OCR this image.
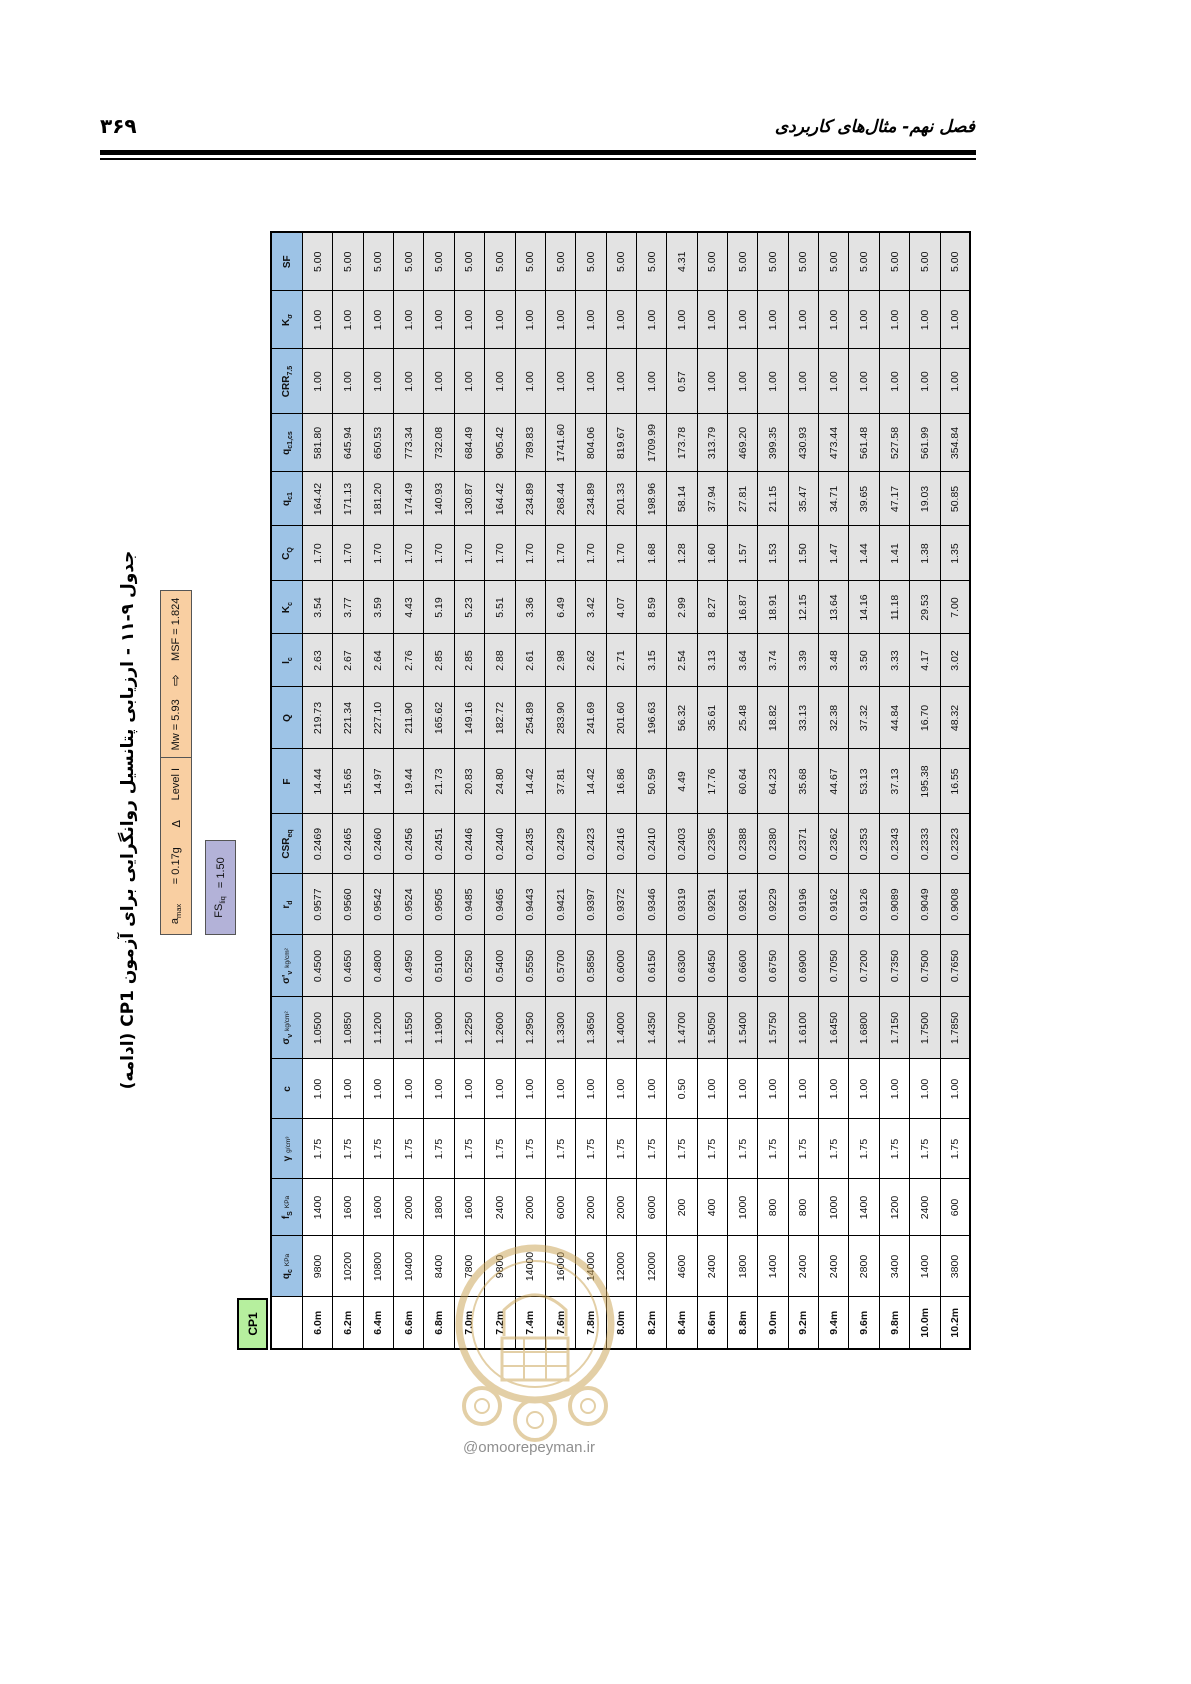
فصل نهم- مثال‌های کاربردی
۳۶۹
جدول ۹-۱۱ - ارزیابی پتانسیل روانگرایی برای آزمون CP1 (ادامه)
$a_{max}$
= 0.17g
Δ
Level I
Mw = 5.93
⇨
MSF = 1.824
$FS_{liq}$
= 1.50
CP1
	$q_cKPa$	$f_SKPa$	γg/cm³	c	$\sigma_vkg$/cm²	$\sigma'_vkg$/cm²	$r_d$	$CSR_{eq}$	F	Q	$I_c$	$K_c$	$C_Q$	$q_{c1}$	$q_{c1,cs}$	$CRR_{7.5}$	$K_\sigma$	SF
6.0m	9800	1400	1.75	1.00	1.0500	0.4500	0.9577	0.2469	14.44	219.73	2.63	3.54	1.70	164.42	581.80	1.00	1.00	5.00
6.2m	10200	1600	1.75	1.00	1.0850	0.4650	0.9560	0.2465	15.65	221.34	2.67	3.77	1.70	171.13	645.94	1.00	1.00	5.00
6.4m	10800	1600	1.75	1.00	1.1200	0.4800	0.9542	0.2460	14.97	227.10	2.64	3.59	1.70	181.20	650.53	1.00	1.00	5.00
6.6m	10400	2000	1.75	1.00	1.1550	0.4950	0.9524	0.2456	19.44	211.90	2.76	4.43	1.70	174.49	773.34	1.00	1.00	5.00
6.8m	8400	1800	1.75	1.00	1.1900	0.5100	0.9505	0.2451	21.73	165.62	2.85	5.19	1.70	140.93	732.08	1.00	1.00	5.00
7.0m	7800	1600	1.75	1.00	1.2250	0.5250	0.9485	0.2446	20.83	149.16	2.85	5.23	1.70	130.87	684.49	1.00	1.00	5.00
7.2m	9800	2400	1.75	1.00	1.2600	0.5400	0.9465	0.2440	24.80	182.72	2.88	5.51	1.70	164.42	905.42	1.00	1.00	5.00
7.4m	14000	2000	1.75	1.00	1.2950	0.5550	0.9443	0.2435	14.42	254.89	2.61	3.36	1.70	234.89	789.83	1.00	1.00	5.00
7.6m	16000	6000	1.75	1.00	1.3300	0.5700	0.9421	0.2429	37.81	283.90	2.98	6.49	1.70	268.44	1741.60	1.00	1.00	5.00
7.8m	14000	2000	1.75	1.00	1.3650	0.5850	0.9397	0.2423	14.42	241.69	2.62	3.42	1.70	234.89	804.06	1.00	1.00	5.00
8.0m	12000	2000	1.75	1.00	1.4000	0.6000	0.9372	0.2416	16.86	201.60	2.71	4.07	1.70	201.33	819.67	1.00	1.00	5.00
8.2m	12000	6000	1.75	1.00	1.4350	0.6150	0.9346	0.2410	50.59	196.63	3.15	8.59	1.68	198.96	1709.99	1.00	1.00	5.00
8.4m	4600	200	1.75	0.50	1.4700	0.6300	0.9319	0.2403	4.49	56.32	2.54	2.99	1.28	58.14	173.78	0.57	1.00	4.31
8.6m	2400	400	1.75	1.00	1.5050	0.6450	0.9291	0.2395	17.76	35.61	3.13	8.27	1.60	37.94	313.79	1.00	1.00	5.00
8.8m	1800	1000	1.75	1.00	1.5400	0.6600	0.9261	0.2388	60.64	25.48	3.64	16.87	1.57	27.81	469.20	1.00	1.00	5.00
9.0m	1400	800	1.75	1.00	1.5750	0.6750	0.9229	0.2380	64.23	18.82	3.74	18.91	1.53	21.15	399.35	1.00	1.00	5.00
9.2m	2400	800	1.75	1.00	1.6100	0.6900	0.9196	0.2371	35.68	33.13	3.39	12.15	1.50	35.47	430.93	1.00	1.00	5.00
9.4m	2400	1000	1.75	1.00	1.6450	0.7050	0.9162	0.2362	44.67	32.38	3.48	13.64	1.47	34.71	473.44	1.00	1.00	5.00
9.6m	2800	1400	1.75	1.00	1.6800	0.7200	0.9126	0.2353	53.13	37.32	3.50	14.16	1.44	39.65	561.48	1.00	1.00	5.00
9.8m	3400	1200	1.75	1.00	1.7150	0.7350	0.9089	0.2343	37.13	44.84	3.33	11.18	1.41	47.17	527.58	1.00	1.00	5.00
10.0m	1400	2400	1.75	1.00	1.7500	0.7500	0.9049	0.2333	195.38	16.70	4.17	29.53	1.38	19.03	561.99	1.00	1.00	5.00
10.2m	3800	600	1.75	1.00	1.7850	0.7650	0.9008	0.2323	16.55	48.32	3.02	7.00	1.35	50.85	354.84	1.00	1.00	5.00
@omoorepeyman.ir
